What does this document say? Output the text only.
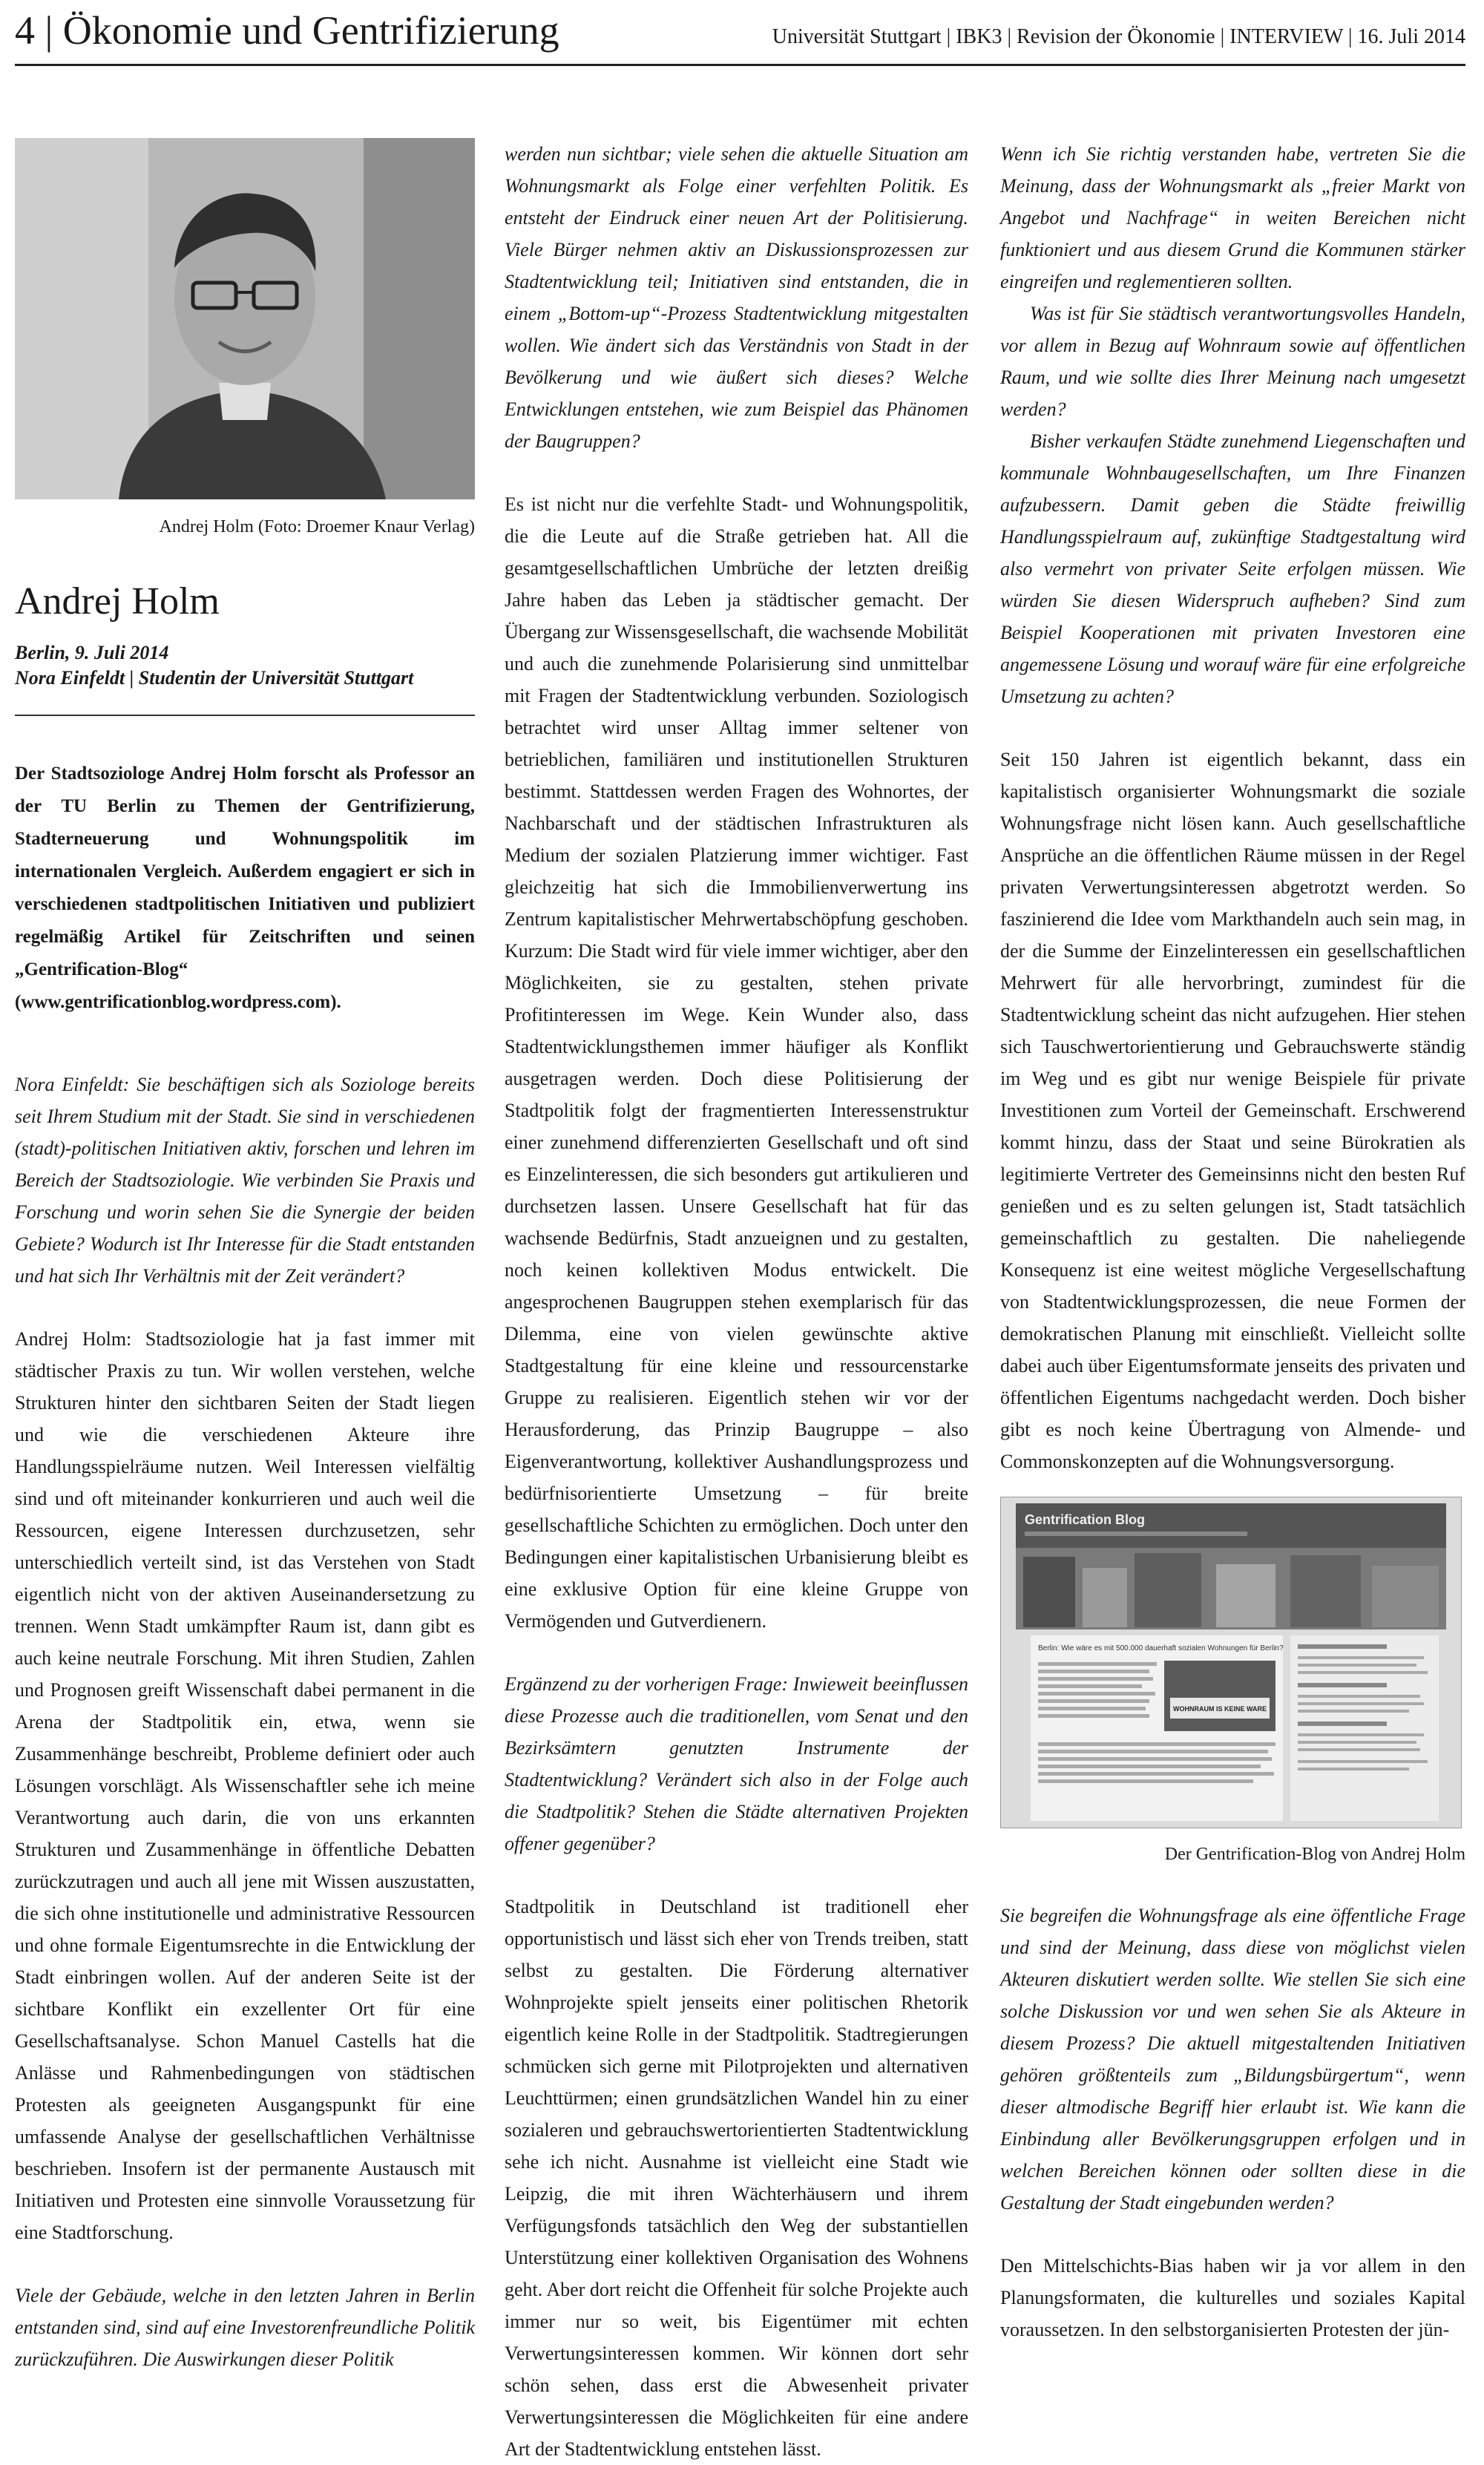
4 | Ökonomie und Gentrifizierung	Universität Stuttgart | IBK3 | Revision der Ökonomie | INTERVIEW | 16. Juli 2014
Andrej Holm (Foto: Droemer Knaur Verlag)
Andrej Holm
Berlin, 9. Juli 2014
Nora Einfeldt | Studentin der Universität Stuttgart

Der Stadtsoziologe Andrej Holm forscht als Professor an der TU Berlin zu Themen der Gentrifizierung, Stadterneuerung und Wohnungspolitik im internationalen Vergleich. Außerdem engagiert er sich in verschiedenen stadtpolitischen Initiativen und publiziert regelmäßig Artikel für Zeitschriften und seinen „Gentrification-Blog“ (www.gentrificationblog.wordpress.com).

Nora Einfeldt: Sie beschäftigen sich als Soziologe bereits seit Ihrem Studium mit der Stadt. Sie sind in verschiedenen (stadt)-politischen Initiativen aktiv, forschen und lehren im Bereich der Stadtsoziologie. Wie verbinden Sie Praxis und Forschung und worin sehen Sie die Synergie der beiden Gebiete? Wodurch ist Ihr Interesse für die Stadt entstanden und hat sich Ihr Verhältnis mit der Zeit verändert?

Andrej Holm: Stadtsoziologie hat ja fast immer mit städtischer Praxis zu tun. Wir wollen verstehen, welche Strukturen hinter den sichtbaren Seiten der Stadt liegen und wie die verschiedenen Akteure ihre Handlungsspielräume nutzen. Weil Interessen vielfältig sind und oft miteinander konkurrieren und auch weil die Ressourcen, eigene Interessen durchzusetzen, sehr unterschiedlich verteilt sind, ist das Verstehen von Stadt eigentlich nicht von der aktiven Auseinandersetzung zu trennen. Wenn Stadt umkämpfter Raum ist, dann gibt es auch keine neutrale Forschung. Mit ihren Studien, Zahlen und Prognosen greift Wissenschaft dabei permanent in die Arena der Stadtpolitik ein, etwa, wenn sie Zusammenhänge beschreibt, Probleme definiert oder auch Lösungen vorschlägt. Als Wissenschaftler sehe ich meine Verantwortung auch darin, die von uns erkannten Strukturen und Zusammenhänge in öffentliche Debatten zurückzutragen und auch all jene mit Wissen auszustatten, die sich ohne institutionelle und administrative Ressourcen und ohne formale Eigentumsrechte in die Entwicklung der Stadt einbringen wollen. Auf der anderen Seite ist der sichtbare Konflikt ein exzellenter Ort für eine Gesellschaftsanalyse. Schon Manuel Castells hat die Anlässe und Rahmenbedingungen von städtischen Protesten als geeigneten Ausgangspunkt für eine umfassende Analyse der gesellschaftlichen Verhältnisse beschrieben. Insofern ist der permanente Austausch mit Initiativen und Protesten eine sinnvolle Voraussetzung für eine Stadtforschung.

Viele der Gebäude, welche in den letzten Jahren in Berlin entstanden sind, sind auf eine Investorenfreundliche Politik zurückzuführen. Die Auswirkungen dieser Politik

werden nun sichtbar; viele sehen die aktuelle Situation am Wohnungsmarkt als Folge einer verfehlten Politik. Es entsteht der Eindruck einer neuen Art der Politisierung. Viele Bürger nehmen aktiv an Diskussionsprozessen zur Stadtentwicklung teil; Initiativen sind entstanden, die in einem „Bottom-up“-Prozess Stadtentwicklung mitgestalten wollen. Wie ändert sich das Verständnis von Stadt in der Bevölkerung und wie äußert sich dieses? Welche Entwicklungen entstehen, wie zum Beispiel das Phänomen der Baugruppen?

Es ist nicht nur die verfehlte Stadt- und Wohnungspolitik, die die Leute auf die Straße getrieben hat. All die gesamtgesellschaftlichen Umbrüche der letzten dreißig Jahre haben das Leben ja städtischer gemacht. Der Übergang zur Wissensgesellschaft, die wachsende Mobilität und auch die zunehmende Polarisierung sind unmittelbar mit Fragen der Stadtentwicklung verbunden. Soziologisch betrachtet wird unser Alltag immer seltener von betrieblichen, familiären und institutionellen Strukturen bestimmt. Stattdessen werden Fragen des Wohnortes, der Nachbarschaft und der städtischen Infrastrukturen als Medium der sozialen Platzierung immer wichtiger. Fast gleichzeitig hat sich die Immobilienverwertung ins Zentrum kapitalistischer Mehrwertabschöpfung geschoben. Kurzum: Die Stadt wird für viele immer wichtiger, aber den Möglichkeiten, sie zu gestalten, stehen private Profitinteressen im Wege. Kein Wunder also, dass Stadtentwicklungsthemen immer häufiger als Konflikt ausgetragen werden. Doch diese Politisierung der Stadtpolitik folgt der fragmentierten Interessenstruktur einer zunehmend differenzierten Gesellschaft und oft sind es Einzelinteressen, die sich besonders gut artikulieren und durchsetzen lassen. Unsere Gesellschaft hat für das wachsende Bedürfnis, Stadt anzueignen und zu gestalten, noch keinen kollektiven Modus entwickelt. Die angesprochenen Baugruppen stehen exemplarisch für das Dilemma, eine von vielen gewünschte aktive Stadtgestaltung für eine kleine und ressourcenstarke Gruppe zu realisieren. Eigentlich stehen wir vor der Herausforderung, das Prinzip Baugruppe – also Eigenverantwortung, kollektiver Aushandlungsprozess und bedürfnisorientierte Umsetzung – für breite gesellschaftliche Schichten zu ermöglichen. Doch unter den Bedingungen einer kapitalistischen Urbanisierung bleibt es eine exklusive Option für eine kleine Gruppe von Vermögenden und Gutverdienern.

Ergänzend zu der vorherigen Frage: Inwieweit beeinflussen diese Prozesse auch die traditionellen, vom Senat und den Bezirksämtern genutzten Instrumente der Stadtentwicklung? Verändert sich also in der Folge auch die Stadtpolitik? Stehen die Städte alternativen Projekten offener gegenüber?

Stadtpolitik in Deutschland ist traditionell eher opportunistisch und lässt sich eher von Trends treiben, statt selbst zu gestalten. Die Förderung alternativer Wohnprojekte spielt jenseits einer politischen Rhetorik eigentlich keine Rolle in der Stadtpolitik. Stadtregierungen schmücken sich gerne mit Pilotprojekten und alternativen Leuchttürmen; einen grundsätzlichen Wandel hin zu einer sozialeren und gebrauchswertorientierten Stadtentwicklung sehe ich nicht. Ausnahme ist vielleicht eine Stadt wie Leipzig, die mit ihren Wächterhäusern und ihrem Verfügungsfonds tatsächlich den Weg der substantiellen Unterstützung einer kollektiven Organisation des Wohnens geht. Aber dort reicht die Offenheit für solche Projekte auch immer nur so weit, bis Eigentümer mit echten Verwertungsinteressen kommen. Wir können dort sehr schön sehen, dass erst die Abwesenheit privater Verwertungsinteressen die Möglichkeiten für eine andere Art der Stadtentwicklung entstehen lässt.

Wenn ich Sie richtig verstanden habe, vertreten Sie die Meinung, dass der Wohnungsmarkt als „freier Markt von Angebot und Nachfrage“ in weiten Bereichen nicht funktioniert und aus diesem Grund die Kommunen stärker eingreifen und reglementieren sollten.

Was ist für Sie städtisch verantwortungsvolles Handeln, vor allem in Bezug auf Wohnraum sowie auf öffentlichen Raum, und wie sollte dies Ihrer Meinung nach umgesetzt werden?

Bisher verkaufen Städte zunehmend Liegenschaften und kommunale Wohnbaugesellschaften, um Ihre Finanzen aufzubessern. Damit geben die Städte freiwillig Handlungsspielraum auf, zukünftige Stadtgestaltung wird also vermehrt von privater Seite erfolgen müssen. Wie würden Sie diesen Widerspruch aufheben? Sind zum Beispiel Kooperationen mit privaten Investoren eine angemessene Lösung und worauf wäre für eine erfolgreiche Umsetzung zu achten?

Seit 150 Jahren ist eigentlich bekannt, dass ein kapitalistisch organisierter Wohnungsmarkt die soziale Wohnungsfrage nicht lösen kann. Auch gesellschaftliche Ansprüche an die öffentlichen Räume müssen in der Regel privaten Verwertungsinteressen abgetrotzt werden. So faszinierend die Idee vom Markthandeln auch sein mag, in der die Summe der Einzelinteressen ein gesellschaftlichen Mehrwert für alle hervorbringt, zumindest für die Stadtentwicklung scheint das nicht aufzugehen. Hier stehen sich Tauschwertorientierung und Gebrauchswerte ständig im Weg und es gibt nur wenige Beispiele für private Investitionen zum Vorteil der Gemeinschaft. Erschwerend kommt hinzu, dass der Staat und seine Bürokratien als legitimierte Vertreter des Gemeinsinns nicht den besten Ruf genießen und es zu selten gelungen ist, Stadt tatsächlich gemeinschaftlich zu gestalten. Die naheliegende Konsequenz ist eine weitest mögliche Vergesellschaftung von Stadtentwicklungsprozessen, die neue Formen der demokratischen Planung mit einschließt. Vielleicht sollte dabei auch über Eigentumsformate jenseits des privaten und öffentlichen Eigentums nachgedacht werden. Doch bisher gibt es noch keine Übertragung von Almende- und Commonskonzepten auf die Wohnungsversorgung.

Gentrification Blog
Berlin: Wie wäre es mit 500.000 dauerhaft sozialen Wohnungen für Berlin?
WOHNRAUM IS KEINE WARE
Der Gentrification-Blog von Andrej Holm

Sie begreifen die Wohnungsfrage als eine öffentliche Frage und sind der Meinung, dass diese von möglichst vielen Akteuren diskutiert werden sollte. Wie stellen Sie sich eine solche Diskussion vor und wen sehen Sie als Akteure in diesem Prozess? Die aktuell mitgestaltenden Initiativen gehören größtenteils zum „Bildungsbürgertum“, wenn dieser altmodische Begriff hier erlaubt ist. Wie kann die Einbindung aller Bevölkerungsgruppen erfolgen und in welchen Bereichen können oder sollten diese in die Gestaltung der Stadt eingebunden werden?

Den Mittelschichts-Bias haben wir ja vor allem in den Planungsformaten, die kulturelles und soziales Kapital voraussetzen. In den selbstorganisierten Protesten der jün-
